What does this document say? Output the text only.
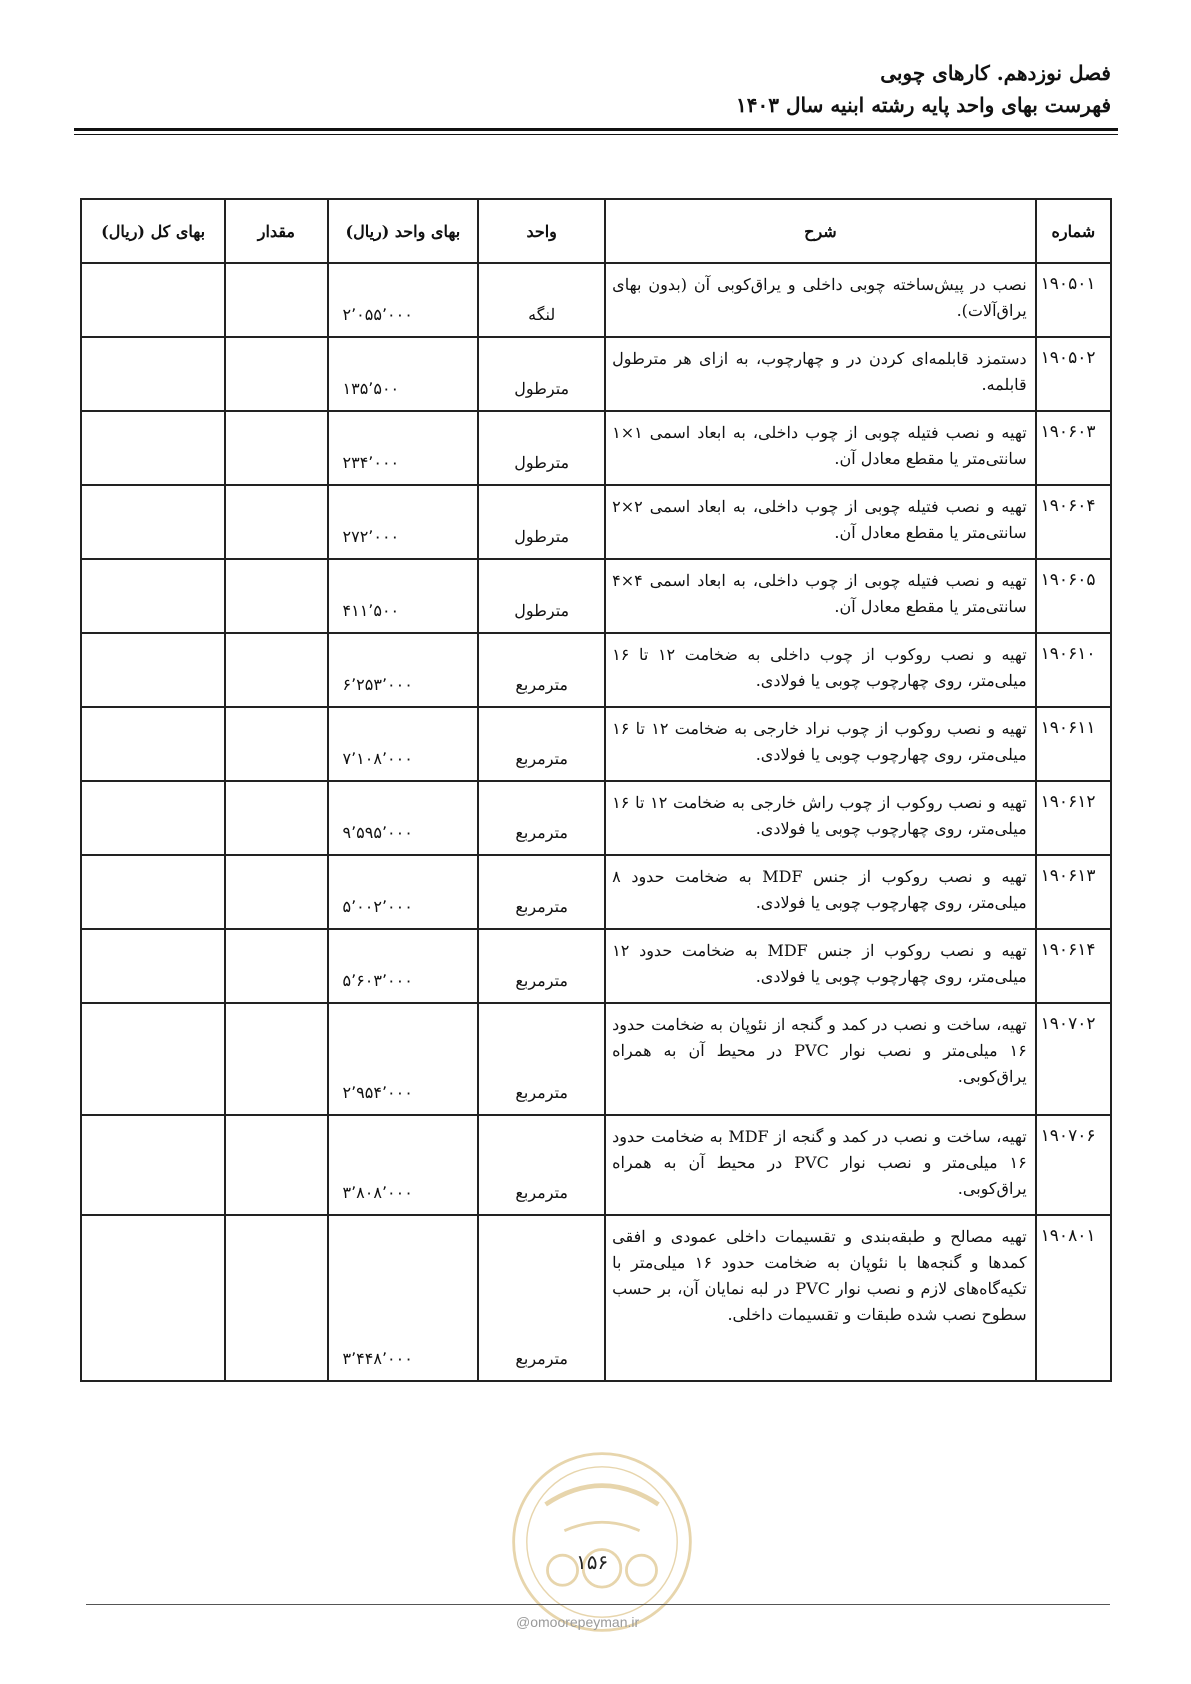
فصل نوزدهم. کارهای چوبی
فهرست بهای واحد پایه رشته ابنیه سال ۱۴۰۳
شماره	شرح	واحد	بهای واحد (ریال)	مقدار	بهای کل (ریال)
۱۹۰۵۰۱	نصب در پیش‌ساخته چوبی داخلی و یراق‌کوبی آن (بدون بهای یراق‌آلات).	لنگه	۲٬۰۵۵٬۰۰۰		
۱۹۰۵۰۲	دستمزد قابلمه‌ای کردن در و چهارچوب، به ازای هر مترطول قابلمه.	مترطول	۱۳۵٬۵۰۰		
۱۹۰۶۰۳	تهیه و نصب فتیله چوبی از چوب داخلی، به ابعاد اسمی ۱×۱ سانتی‌متر یا مقطع معادل آن.	مترطول	۲۳۴٬۰۰۰		
۱۹۰۶۰۴	تهیه و نصب فتیله چوبی از چوب داخلی، به ابعاد اسمی ۲×۲ سانتی‌متر یا مقطع معادل آن.	مترطول	۲۷۲٬۰۰۰		
۱۹۰۶۰۵	تهیه و نصب فتیله چوبی از چوب داخلی، به ابعاد اسمی ۴×۴ سانتی‌متر یا مقطع معادل آن.	مترطول	۴۱۱٬۵۰۰		
۱۹۰۶۱۰	تهیه و نصب روکوب از چوب داخلی به ضخامت ۱۲ تا ۱۶ میلی‌متر، روی چهارچوب چوبی یا فولادی.	مترمربع	۶٬۲۵۳٬۰۰۰		
۱۹۰۶۱۱	تهیه و نصب روکوب از چوب نراد خارجی به ضخامت ۱۲ تا ۱۶ میلی‌متر، روی چهارچوب چوبی یا فولادی.	مترمربع	۷٬۱۰۸٬۰۰۰		
۱۹۰۶۱۲	تهیه و نصب روکوب از چوب راش خارجی به ضخامت ۱۲ تا ۱۶ میلی‌متر، روی چهارچوب چوبی یا فولادی.	مترمربع	۹٬۵۹۵٬۰۰۰		
۱۹۰۶۱۳	تهیه و نصب روکوب از جنس MDF به ضخامت حدود ۸ میلی‌متر، روی چهارچوب چوبی یا فولادی.	مترمربع	۵٬۰۰۲٬۰۰۰		
۱۹۰۶۱۴	تهیه و نصب روکوب از جنس MDF به ضخامت حدود ۱۲ میلی‌متر، روی چهارچوب چوبی یا فولادی.	مترمربع	۵٬۶۰۳٬۰۰۰		
۱۹۰۷۰۲	تهیه، ساخت و نصب در کمد و گنجه از نئوپان به ضخامت حدود ۱۶ میلی‌متر و نصب نوار PVC در محیط آن به همراه یراق‌کوبی.	مترمربع	۲٬۹۵۴٬۰۰۰		
۱۹۰۷۰۶	تهیه، ساخت و نصب در کمد و گنجه از MDF به ضخامت حدود ۱۶ میلی‌متر و نصب نوار PVC در محیط آن به همراه یراق‌کوبی.	مترمربع	۳٬۸۰۸٬۰۰۰		
۱۹۰۸۰۱	تهیه مصالح و طبقه‌بندی و تقسیمات داخلی عمودی و افقی کمدها و گنجه‌ها با نئوپان به ضخامت حدود ۱۶ میلی‌متر با تکیه‌گاه‌های لازم و نصب نوار PVC در لبه نمایان آن، بر حسب سطوح نصب شده طبقات و تقسیمات داخلی.	مترمربع	۳٬۴۴۸٬۰۰۰		
۱۵۶
@omoorepeyman.ir
